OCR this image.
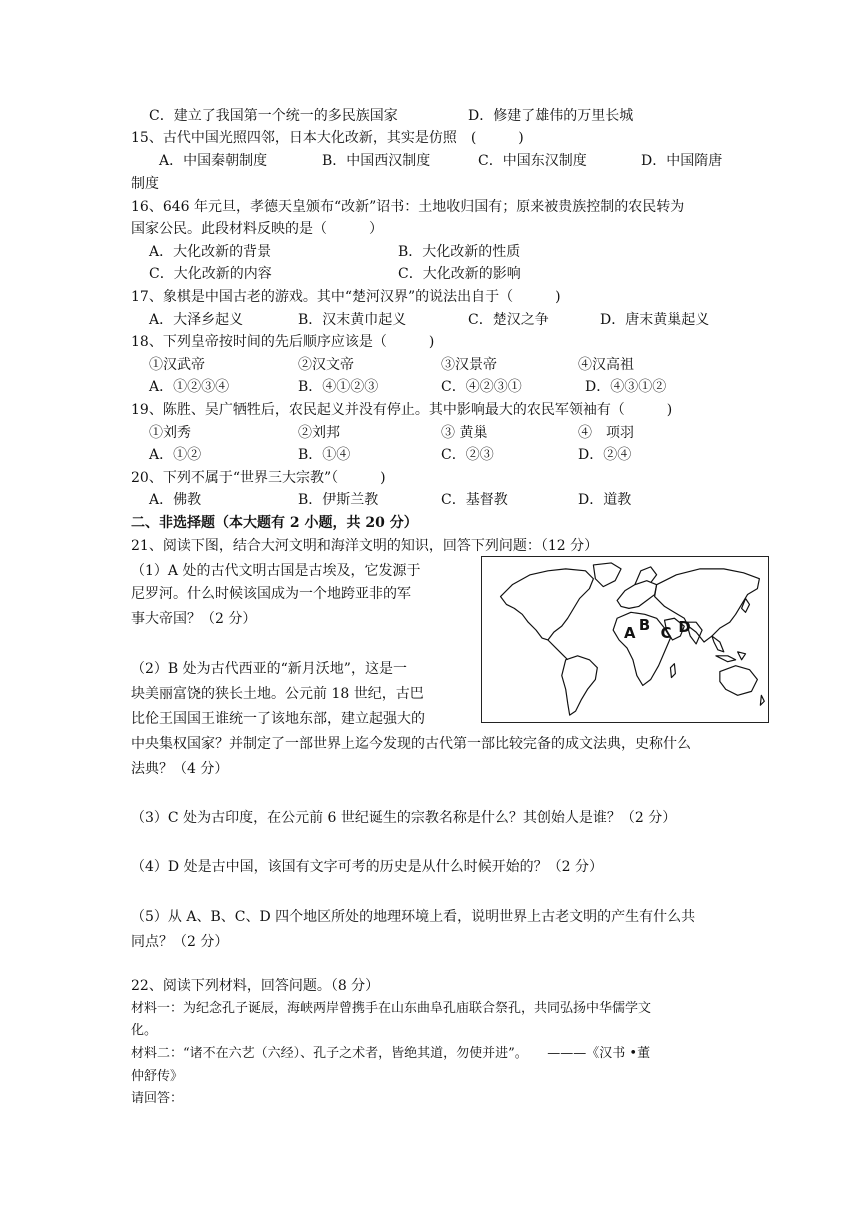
C．建立了我国第一个统一的多民族国家	D．修建了雄伟的万里长城
15、古代中国光照四邻，日本大化改新，其实是仿照　(　　　)
A．中国秦朝制度	B．中国西汉制度	C．中国东汉制度	D．中国隋唐
制度
16、646 年元旦，孝德天皇颁布“改新”诏书：土地收归国有；原来被贵族控制的农民转为
国家公民。此段材料反映的是（　　　）
A．大化改新的背景	B．大化改新的性质
C．大化改新的内容	C．大化改新的影响
17、象棋是中国古老的游戏。其中“楚河汉界”的说法出自于（　　　)
A．大泽乡起义	B．汉末黄巾起义	C．楚汉之争	D．唐末黄巢起义
18、下列皇帝按时间的先后顺序应该是（　　　)
①汉武帝	②汉文帝	③汉景帝	④汉高祖
A．①②③④	B．④①②③	C．④②③①	D．④③①②
19、陈胜、吴广牺牲后，农民起义并没有停止。其中影响最大的农民军领袖有（　　　)
①刘秀	②刘邦	③ 黄巢	④　项羽
A．①②	B．①④	C．②③	D．②④
20、下列不属于“世界三大宗教”（　　　)
A．佛教	B．伊斯兰教	C．基督教	D．道教
二、非选择题（本大题有 2 小题，共 20 分）
21、阅读下图，结合大河文明和海洋文明的知识，回答下列问题：（12 分）
（1）A 处的古代文明古国是古埃及，它发源于
尼罗河。什么时候该国成为一个地跨亚非的军
事大帝国？（2 分）
（2）B 处为古代西亚的“新月沃地”，这是一
块美丽富饶的狭长土地。公元前 18 世纪，古巴
比伦王国国王谁统一了该地东部，建立起强大的
中央集权国家？并制定了一部世界上迄今发现的古代第一部比较完备的成文法典，史称什么
法典？（4 分）
（3）C 处为古印度，在公元前 6 世纪诞生的宗教名称是什么？其创始人是谁？（2 分）
（4）D 处是古中国，该国有文字可考的历史是从什么时候开始的？（2 分）
（5）从 A、B、C、D 四个地区所处的地理环境上看，说明世界上古老文明的产生有什么共
同点？（2 分）
22、阅读下列材料，回答问题。（8 分）
材料一：为纪念孔子诞辰，海峡两岸曾携手在山东曲阜孔庙联合祭孔，共同弘扬中华儒学文
化。
材料二：“诸不在六艺（六经）、孔子之术者，皆绝其道，勿使并进”。　　———《汉书 •董
仲舒传》
请回答：
A B C D
